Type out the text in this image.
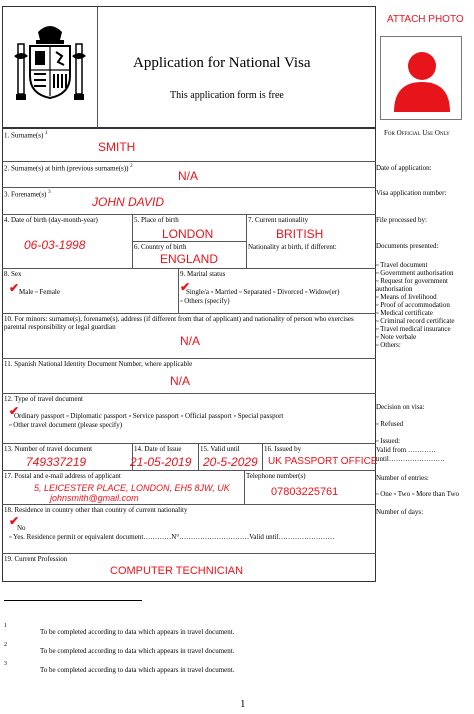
Application for National Visa
This application form is free
ATTACH PHOTO
For Official Use Only
1. Surname(s) $^1$
SMITH
2. Surname(s) at birth (previous surname(s)) $^2$
N/A
3. Forename(s) $^3$
JOHN DAVID
4. Date of birth (day-month-year)
06-03-1998
5. Place of birth
LONDON
6. Country of birth
ENGLAND
7. Current nationality
BRITISH
Nationality at birth, if different:
8. Sex
✔ Male ▫ Female
9. Marital status
✔
Single/a ▫ Married ▫ Separated ▫ Divorced ▫ Widow(er)
▫ Others (specify)
10. For minors: surname(s), forename(s), address (if different from that of applicant) and nationality of person who exercises parental responsibility or legal guardian
N/A
11. Spanish National Identity Document Number, where applicable
N/A
12. Type of travel document
✔
Ordinary passport ▫ Diplomatic passport ▫ Service passport ▫ Official passport ▫ Special passport
▫ Other travel document (please specify)
13. Number of travel document
749337219
14. Date of Issue
21-05-2019
15. Valid until
20-5-2029
16. Issued by
UK PASSPORT OFFICE
17. Postal and e-mail address of applicant
5, LEICESTER PLACE, LONDON, EH5 8JW, UK
johnsmith@gmail.com
Telephone number(s)
07803225761
18. Residence in country other than country of current nationality
✔
No
▫ Yes. Residence permit or equivalent document…………N°…………………………Valid until……………………
19. Current Profession
COMPUTER TECHNICIAN
Date of application:
Visa application number:
File processed by:
Documents presented:
▫ Travel document
▫ Government authorisation
▫ Request for government
authorisation
▫ Means of livelihood
▫ Proof of accommodation
▫ Medical certificate
▫ Criminal record certificate
▫ Travel medical insurance
▫ Note verbale
▫ Others:
Decision on visa:
▫ Refused
▫ Issued:
Valid from …………
until……………………
Number of entries:
▫ One ▫ Two ▫ More than Two
Number of days:
1
To be completed according to data which appears in travel document.
2
To be completed according to data which appears in travel document.
3
To be completed according to data which appears in travel document.
1
